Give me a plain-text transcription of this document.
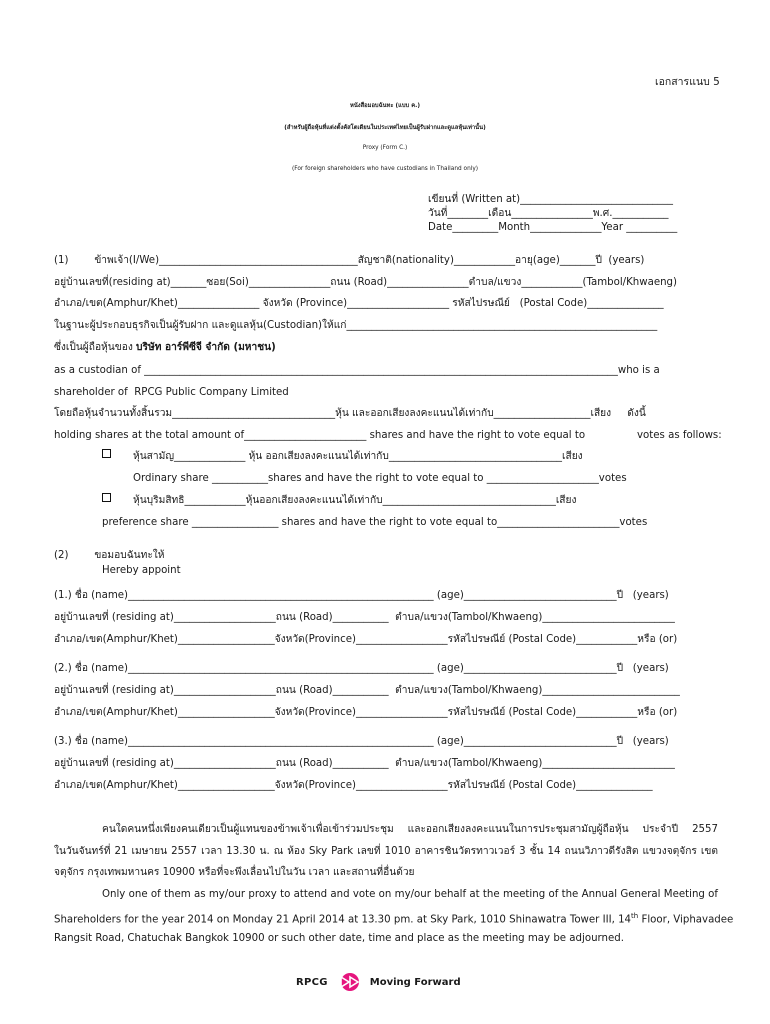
เอกสารแนบ 5
หนังสือมอบฉันทะ (แบบ ค.)
(สำหรับผู้ถือหุ้นที่แต่งตั้งคัสโตเดียนในประเทศไทยเป็นผู้รับฝากและดูแลหุ้นเท่านั้น)
Proxy (Form C.)
(For foreign shareholders who have custodians in Thailand only)
เขียนที่ (Written at)______________________________
วันที่________เดือน________________พ.ศ.___________
Date_________Month______________Year __________
(1)        ข้าพเจ้า(I/We)_______________________________________สัญชาติ(nationality)____________อายุ(age)_______ปี  (years)
อยู่บ้านเลขที่(residing at)_______ซอย(Soi)________________ถนน (Road)________________ตำบล/แขวง____________(Tambol/Khwaeng)
อำเภอ/เขต(Amphur/Khet)________________ จังหวัด (Province)____________________ รหัสไปรษณีย์   (Postal Code)_______________
ในฐานะผู้ประกอบธุรกิจเป็นผู้รับฝาก และดูแลหุ้น(Custodian)ให้แก่_____________________________________________________________
ซึ่งเป็นผู้ถือหุ้นของ บริษัท อาร์พีซีจี จำกัด (มหาชน)
as a custodian of _____________________________________________________________________________________________who is a
shareholder of  RPCG Public Company Limited
โดยถือหุ้นจำนวนทั้งสิ้นรวม________________________________หุ้น และออกเสียงลงคะแนนได้เท่ากับ___________________เสียง     ดังนี้
holding shares at the total amount of________________________ shares and have the right to vote equal to	votes as follows:
หุ้นสามัญ______________ หุ้น ออกเสียงลงคะแนนได้เท่ากับ__________________________________เสียง
Ordinary share ___________shares and have the right to vote equal to ______________________votes
หุ้นบุริมสิทธิ____________หุ้นออกเสียงลงคะแนนได้เท่ากับ__________________________________เสียง
preference share _________________ shares and have the right to vote equal to________________________votes
(2)        ขอมอบฉันทะให้
Hereby appoint
(1.) ชื่อ (name)____________________________________________________________ (age)______________________________ปี   (years)
อยู่บ้านเลขที่ (residing at)____________________ถนน (Road)___________  ตำบล/แขวง(Tambol/Khwaeng)__________________________
อำเภอ/เขต(Amphur/Khet)___________________จังหวัด(Province)__________________รหัสไปรษณีย์ (Postal Code)____________หรือ (or)
(2.) ชื่อ (name)____________________________________________________________ (age)______________________________ปี   (years)
อยู่บ้านเลขที่ (residing at)____________________ถนน (Road)___________  ตำบล/แขวง(Tambol/Khwaeng)___________________________
อำเภอ/เขต(Amphur/Khet)___________________จังหวัด(Province)__________________รหัสไปรษณีย์ (Postal Code)____________หรือ (or)
(3.) ชื่อ (name)____________________________________________________________ (age)______________________________ปี   (years)
อยู่บ้านเลขที่ (residing at)____________________ถนน (Road)___________  ตำบล/แขวง(Tambol/Khwaeng)__________________________
อำเภอ/เขต(Amphur/Khet)___________________จังหวัด(Province)__________________รหัสไปรษณีย์ (Postal Code)_______________
คนใดคนหนึ่งเพียงคนเดียวเป็นผู้แทนของข้าพเจ้าเพื่อเข้าร่วมประชุม และออกเสียงลงคะแนนในการประชุมสามัญผู้ถือหุ้น ประจำปี 2557
ในวันจันทร์ที่ 21 เมษายน 2557 เวลา 13.30 น. ณ ห้อง Sky Park เลขที่ 1010 อาคารชินวัตรทาวเวอร์ 3 ชั้น 14 ถนนวิภาวดีรังสิต แขวงจตุจักร เขต
จตุจักร กรุงเทพมหานคร 10900 หรือที่จะพึงเลื่อนไปในวัน เวลา และสถานที่อื่นด้วย
Only one of them as my/our proxy to attend and vote on my/our behalf at the meeting of the Annual General Meeting of
Shareholders for the year 2014 on Monday 21 April 2014 at 13.30 pm. at Sky Park, 1010 Shinawatra Tower III, 14th Floor, Viphavadee
Rangsit Road, Chatuchak Bangkok 10900 or such other date, time and place as the meeting may be adjourned.
RPCG	Moving Forward
